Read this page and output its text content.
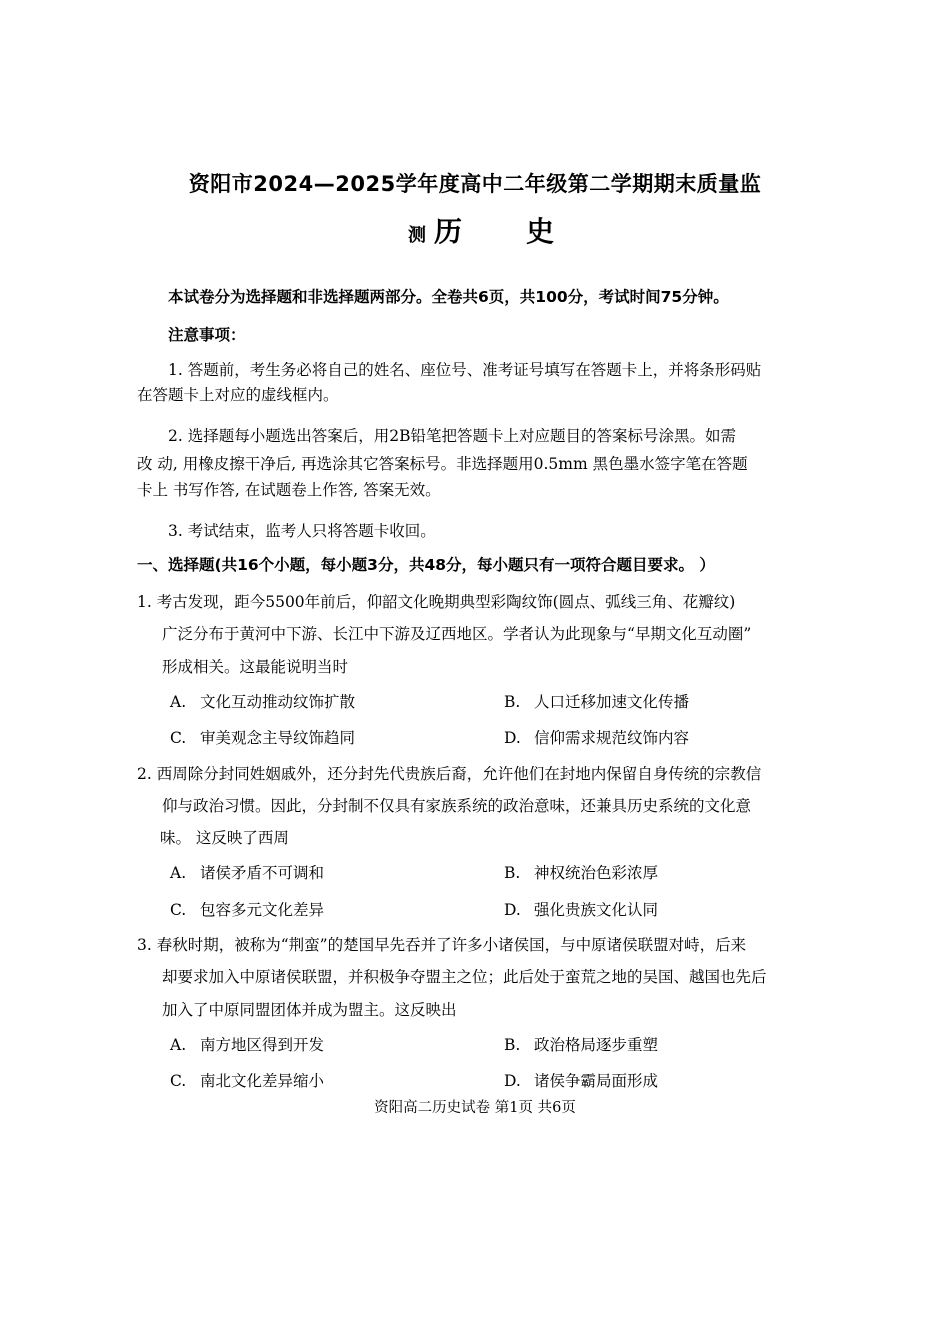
资阳市2024—2025学年度高中二年级第二学期期末质量监
测 历 史
本试卷分为选择题和非选择题两部分。全卷共6页，共100分，考试时间75分钟。
注意事项：
1. 答题前，考生务必将自己的姓名、座位号、准考证号填写在答题卡上，并将条形码贴
在答题卡上对应的虚线框内。
2. 选择题每小题选出答案后，用2B铅笔把答题卡上对应题目的答案标号涂黑。如需
改 动, 用橡皮擦干净后, 再选涂其它答案标号。非选择题用0.5mm 黑色墨水签字笔在答题
卡上 书写作答, 在试题卷上作答, 答案无效。
3. 考试结束，监考人只将答题卡收回。
一、选择题(共16个小题，每小题3分，共48分，每小题只有一项符合题目要求。 ）
1. 考古发现，距今5500年前后，仰韶文化晚期典型彩陶纹饰(圆点、弧线三角、花瓣纹)
广泛分布于黄河中下游、长江中下游及辽西地区。学者认为此现象与“早期文化互动圈”
形成相关。这最能说明当时
A. 文化互动推动纹饰扩散	B. 人口迁移加速文化传播
C. 审美观念主导纹饰趋同	D. 信仰需求规范纹饰内容
2. 西周除分封同姓姻戚外，还分封先代贵族后裔，允许他们在封地内保留自身传统的宗教信
仰与政治习惯。因此，分封制不仅具有家族系统的政治意味，还兼具历史系统的文化意
味。 这反映了西周
A. 诸侯矛盾不可调和	B. 神权统治色彩浓厚
C. 包容多元文化差异	D. 强化贵族文化认同
3. 春秋时期，被称为“荆蛮”的楚国早先吞并了许多小诸侯国，与中原诸侯联盟对峙，后来
却要求加入中原诸侯联盟，并积极争夺盟主之位；此后处于蛮荒之地的吴国、越国也先后
加入了中原同盟团体并成为盟主。这反映出
A. 南方地区得到开发	B. 政治格局逐步重塑
C. 南北文化差异缩小	D. 诸侯争霸局面形成
资阳高二历史试卷 第1页 共6页
